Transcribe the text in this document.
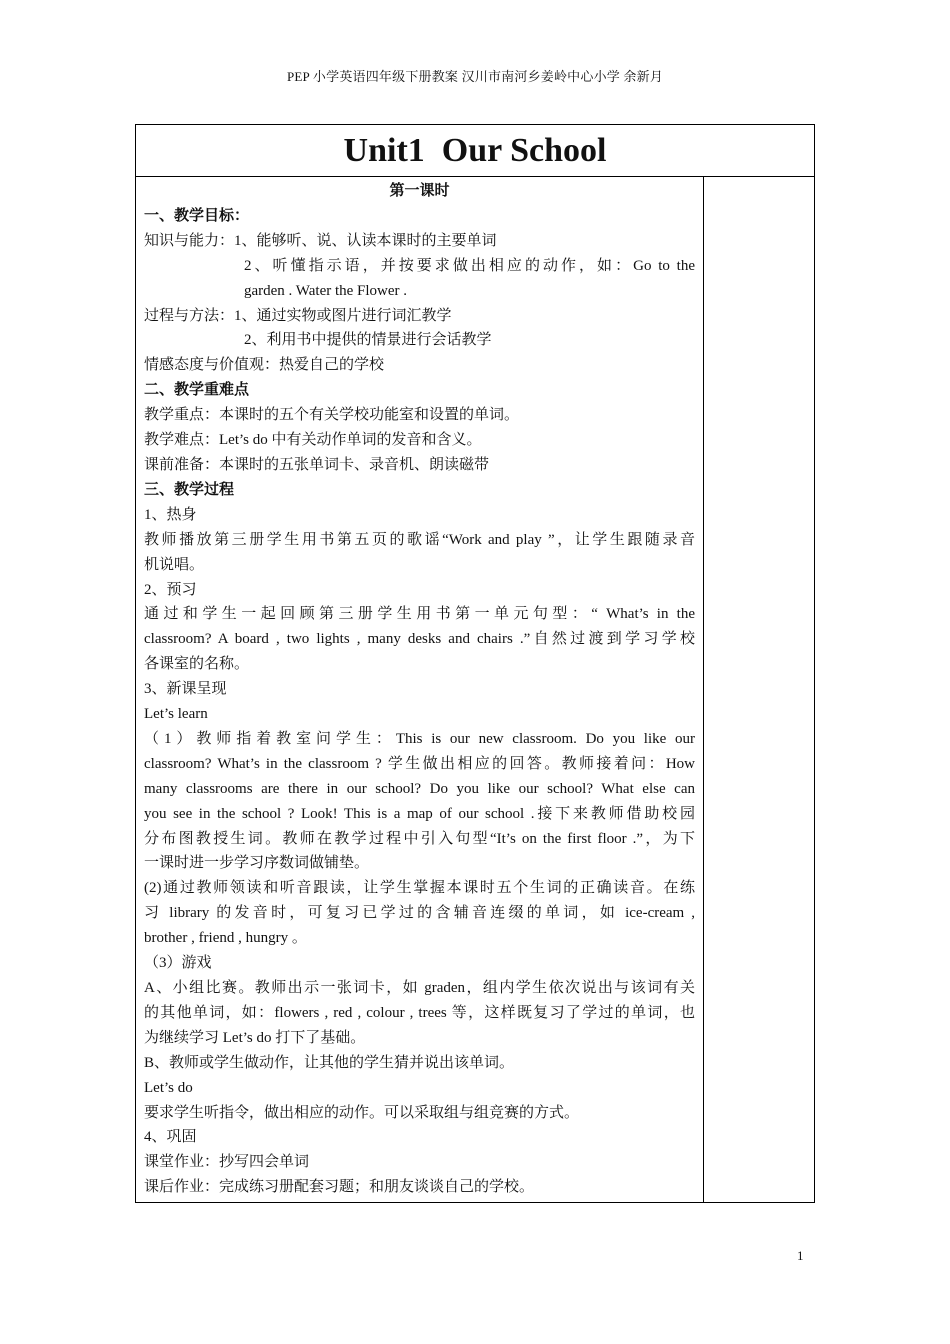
PEP 小学英语四年级下册教案 汉川市南河乡姜岭中心小学 余新月
Unit1  Our School
第一课时
一、教学目标：
知识与能力：1、能够听、说、认读本课时的主要单词
2、听懂指示语，并按要求做出相应的动作，如：Go to the
garden . Water the Flower .
过程与方法：1、通过实物或图片进行词汇教学
2、利用书中提供的情景进行会话教学
情感态度与价值观：热爱自己的学校
二、教学重难点
教学重点：本课时的五个有关学校功能室和设置的单词。
教学难点：Let’s do 中有关动作单词的发音和含义。
课前准备：本课时的五张单词卡、录音机、朗读磁带
三、教学过程
1、热身
教师播放第三册学生用书第五页的歌谣“Work and play ”，让学生跟随录音
机说唱。
2、预习
通过和学生一起回顾第三册学生用书第一单元句型：“ What’s in the
classroom? A board , two lights , many desks and chairs .”自然过渡到学习学校
各课室的名称。
3、新课呈现
Let’s learn
（1）教师指着教室问学生：This is our new classroom. Do you like our
classroom? What’s in the classroom ? 学生做出相应的回答。教师接着问：How
many classrooms are there in our school? Do you like our school? What else can
you see in the school ? Look! This is a map of our school .接下来教师借助校园
分布图教授生词。教师在教学过程中引入句型“It’s on the first floor .”，为下
一课时进一步学习序数词做铺垫。
(2)通过教师领读和听音跟读，让学生掌握本课时五个生词的正确读音。在练
习 library 的发音时，可复习已学过的含辅音连缀的单词，如 ice-cream ,
brother , friend , hungry 。
（3）游戏
A、小组比赛。教师出示一张词卡，如 graden，组内学生依次说出与该词有关
的其他单词，如：flowers , red , colour , trees 等，这样既复习了学过的单词，也
为继续学习 Let’s do 打下了基础。
B、教师或学生做动作，让其他的学生猜并说出该单词。
Let’s do
要求学生听指令，做出相应的动作。可以采取组与组竞赛的方式。
4、巩固
课堂作业：抄写四会单词
课后作业：完成练习册配套习题；和朋友谈谈自己的学校。
1
